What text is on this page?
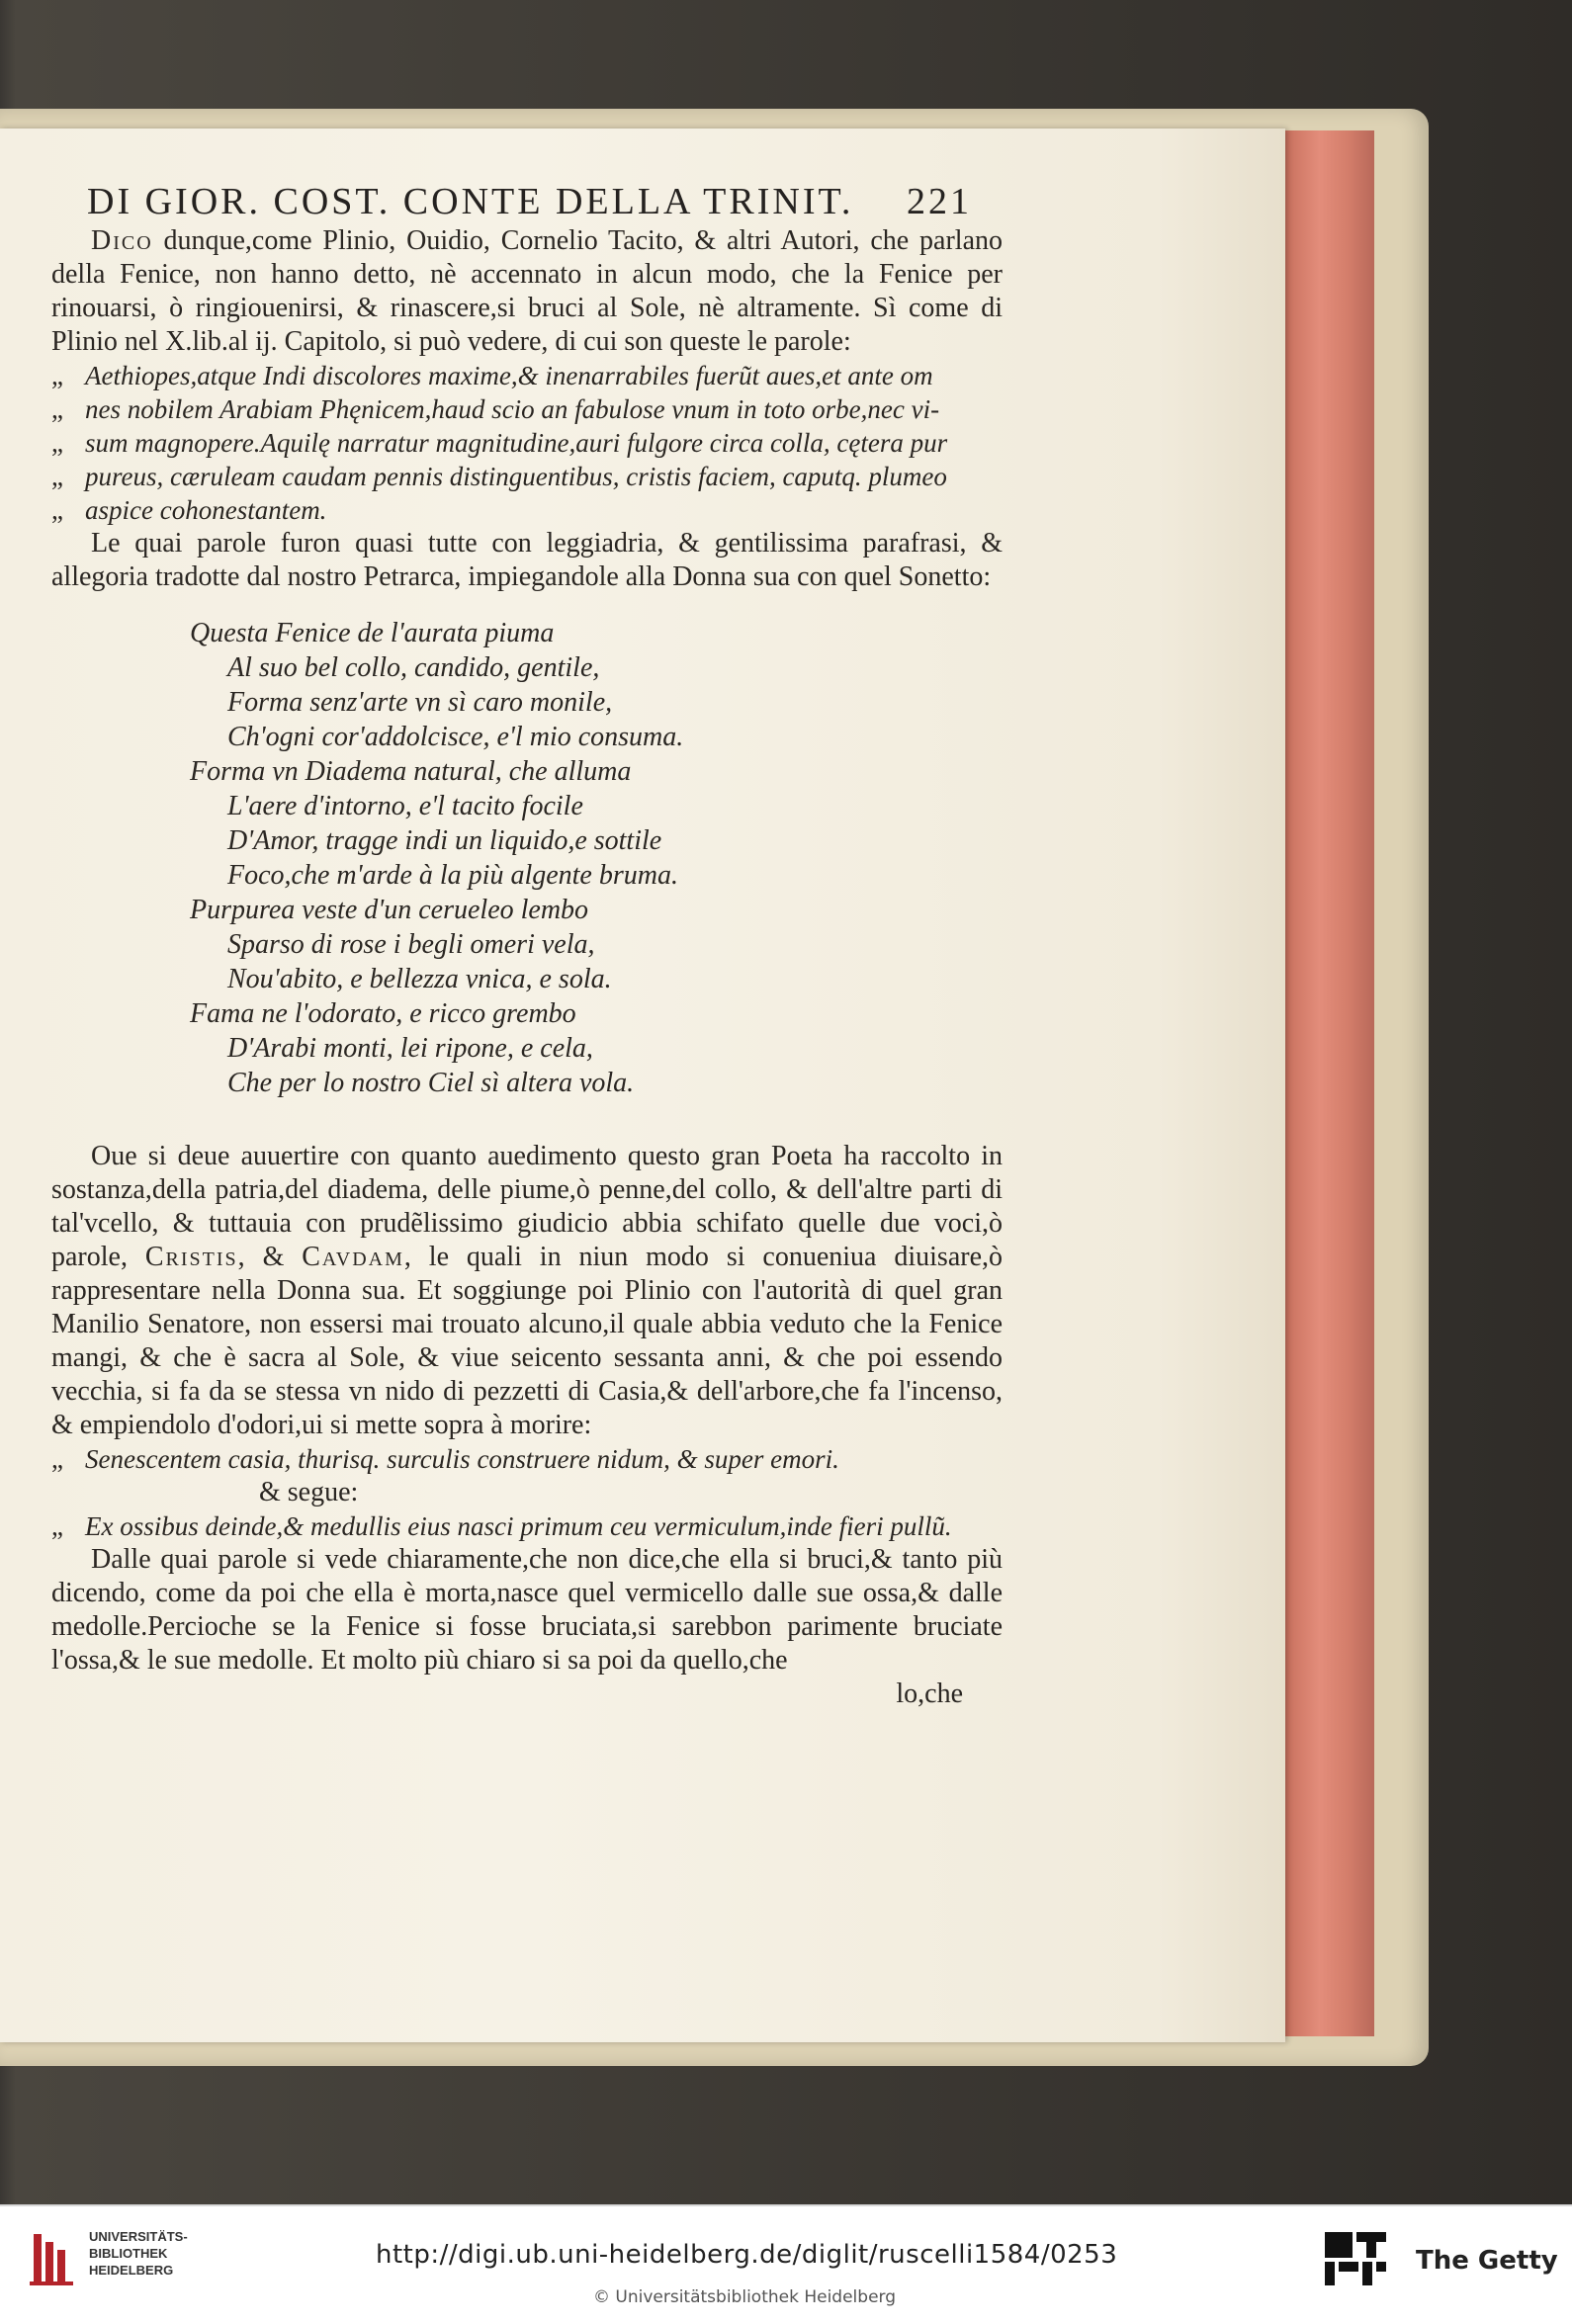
DI GIOR. COST. CONTE DELLA TRINIT. 221

Dico dunque,come Plinio, Ouidio, Cornelio Tacito, & altri Autori, che parlano della Fenice, non hanno detto, nè accennato in alcun modo, che la Fenice per rinouarsi, ò ringiouenirsi, & rinascere,si bruci al Sole, nè altramente. Sì come di Plinio nel X.lib.al ij. Capitolo, si può vedere, di cui son queste le parole:

„ Aethiopes,atque Indi discolores maxime,& inenarrabiles fuerũt aues,et ante om
„ nes nobilem Arabiam Phęnicem,haud scio an fabulose vnum in toto orbe,nec vi-
„ sum magnopere.Aquilę narratur magnitudine,auri fulgore circa colla, cętera pur
„ pureus, cæruleam caudam pennis distinguentibus, cristis faciem, caputq. plumeo
„ aspice cohonestantem.

Le quai parole furon quasi tutte con leggiadria, & gentilissima parafrasi, & allegoria tradotte dal nostro Petrarca, impiegandole alla Donna sua con quel Sonetto:

Questa Fenice de l'aurata piuma
Al suo bel collo, candido, gentile,
Forma senz'arte vn sì caro monile,
Ch'ogni cor'addolcisce, e'l mio consuma.
Forma vn Diadema natural, che alluma
L'aere d'intorno, e'l tacito focile
D'Amor, tragge indi un liquido,e sottile
Foco,che m'arde à la più algente bruma.
Purpurea veste d'un cerueleo lembo
Sparso di rose i begli omeri vela,
Nou'abito, e bellezza vnica, e sola.
Fama ne l'odorato, e ricco grembo
D'Arabi monti, lei ripone, e cela,
Che per lo nostro Ciel sì altera vola.

Oue si deue auuertire con quanto auedimento questo gran Poeta ha raccolto in sostanza,della patria,del diadema, delle piume,ò penne,del collo, & dell'altre parti di tal'vcello, & tuttauia con prudẽlissimo giudicio abbia schifato quelle due voci,ò parole, Cristis, & Cavdam, le quali in niun modo si conueniua diuisare,ò rappresentare nella Donna sua. Et soggiunge poi Plinio con l'autorità di quel gran Manilio Senatore, non essersi mai trouato alcuno,il quale abbia veduto che la Fenice mangi, & che è sacra al Sole, & viue seicento sessanta anni, & che poi essendo vecchia, si fa da se stessa vn nido di pezzetti di Casia,& dell'arbore,che fa l'incenso, & empiendolo d'odori,ui si mette sopra à morire:

„ Senescentem casia, thurisq. surculis construere nidum, & super emori.
& segue:
„ Ex ossibus deinde,& medullis eius nasci primum ceu vermiculum,inde fieri pullũ.

Dalle quai parole si vede chiaramente,che non dice,che ella si bruci,& tanto più dicendo, come da poi che ella è morta,nasce quel vermicello dalle sue ossa,& dalle medolle.Percioche se la Fenice si fosse bruciata,si sarebbon parimente bruciate l'ossa,& le sue medolle. Et molto più chiaro si sa poi da quello,che

lo,che
UNIVERSITÄTS-
BIBLIOTHEK
HEIDELBERG
http://digi.ub.uni-heidelberg.de/diglit/ruscelli1584/0253
© Universitätsbibliothek Heidelberg
The Getty
